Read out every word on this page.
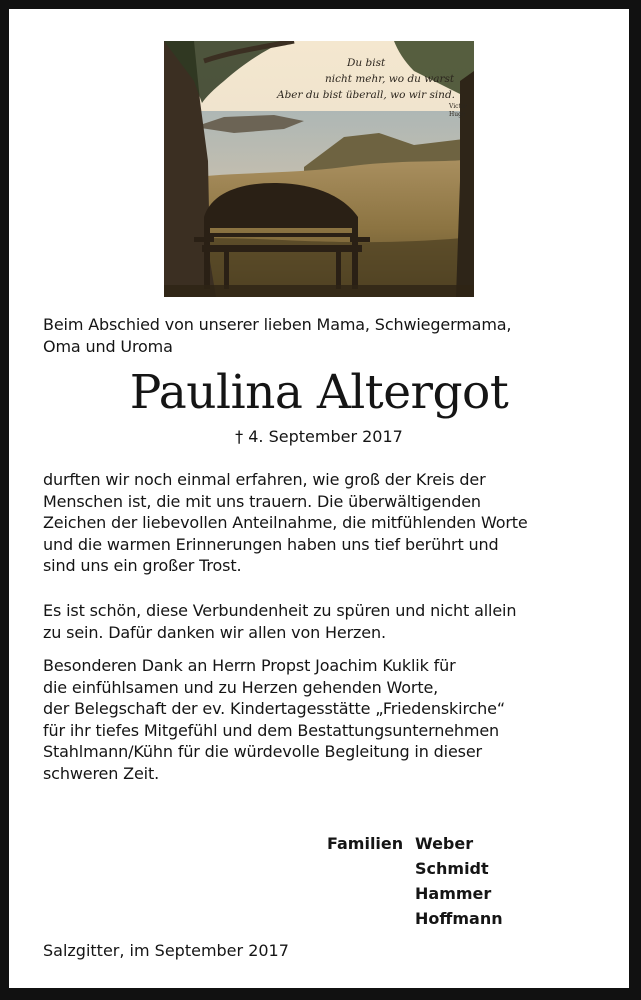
Du bist
nicht mehr, wo du warst
Aber du bist überall, wo wir sind.
Victor Hugo
Beim Abschied von unserer lieben Mama, Schwiegermama,
Oma und Uroma
Paulina Altergot
† 4. September 2017
durften wir noch einmal erfahren, wie groß der Kreis der
Menschen ist, die mit uns trauern. Die überwältigenden
Zeichen der liebevollen Anteilnahme, die mitfühlenden Worte
und die warmen Erinnerungen haben uns tief berührt und
sind uns ein großer Trost.
Es ist schön, diese Verbundenheit zu spüren und nicht allein
zu sein. Dafür danken wir allen von Herzen.
Besonderen Dank an Herrn Propst Joachim Kuklik für
die einfühlsamen und zu Herzen gehenden Worte,
der Belegschaft der ev. Kindertagesstätte „Friedenskirche“
für ihr tiefes Mitgefühl und dem Bestattungsunternehmen
Stahlmann/Kühn für die würdevolle Begleitung in dieser
schweren Zeit.
Familien Weber
Schmidt
Hammer
Hoffmann
Salzgitter, im September 2017
